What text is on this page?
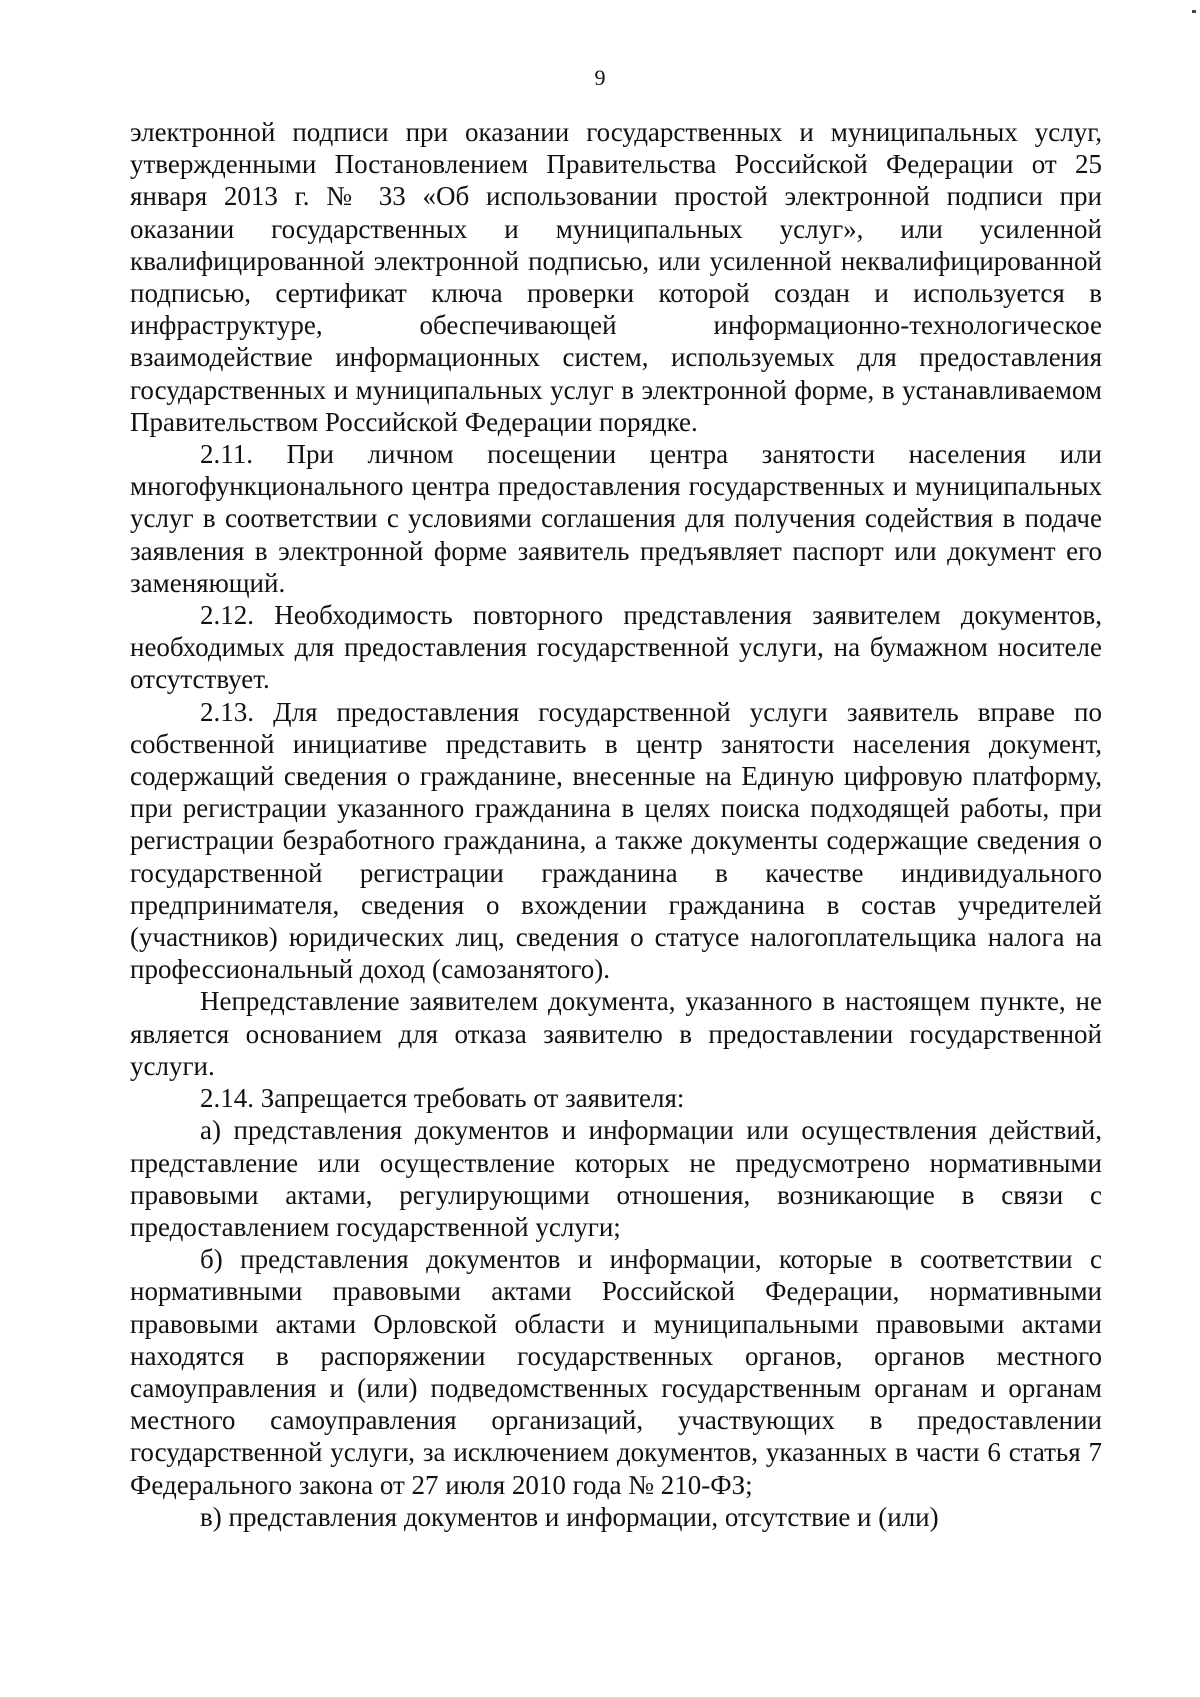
9

электронной подписи при оказании государственных и муниципальных услуг, утвержденными Постановлением Правительства Российской Федерации от 25 января 2013 г. № 33 «Об использовании простой электронной подписи при оказании государственных и муниципальных услуг», или усиленной квалифицированной электронной подписью, или усиленной неквалифицированной подписью, сертификат ключа проверки которой создан и используется в инфраструктуре, обеспечивающей информационно-технологическое взаимодействие информационных систем, используемых для предоставления государственных и муниципальных услуг в электронной форме, в устанавливаемом Правительством Российской Федерации порядке.

2.11. При личном посещении центра занятости населения или многофункционального центра предоставления государственных и муниципальных услуг в соответствии с условиями соглашения для получения содействия в подаче заявления в электронной форме заявитель предъявляет паспорт или документ его заменяющий.

2.12. Необходимость повторного представления заявителем документов, необходимых для предоставления государственной услуги, на бумажном носителе отсутствует.

2.13. Для предоставления государственной услуги заявитель вправе по собственной инициативе представить в центр занятости населения документ, содержащий сведения о гражданине, внесенные на Единую цифровую платформу, при регистрации указанного гражданина в целях поиска подходящей работы, при регистрации безработного гражданина, а также документы содержащие сведения о государственной регистрации гражданина в качестве индивидуального предпринимателя, сведения о вхождении гражданина в состав учредителей (участников) юридических лиц, сведения о статусе налогоплательщика налога на профессиональный доход (самозанятого).

Непредставление заявителем документа, указанного в настоящем пункте, не является основанием для отказа заявителю в предоставлении государственной услуги.

2.14. Запрещается требовать от заявителя:

а) представления документов и информации или осуществления действий, представление или осуществление которых не предусмотрено нормативными правовыми актами, регулирующими отношения, возникающие в связи с предоставлением государственной услуги;

б) представления документов и информации, которые в соответствии с нормативными правовыми актами Российской Федерации, нормативными правовыми актами Орловской области и муниципальными правовыми актами находятся в распоряжении государственных органов, органов местного самоуправления и (или) подведомственных государственным органам и органам местного самоуправления организаций, участвующих в предоставлении государственной услуги, за исключением документов, указанных в части 6 статья 7 Федерального закона от 27 июля 2010 года № 210-ФЗ;

в) представления документов и информации, отсутствие и (или)
